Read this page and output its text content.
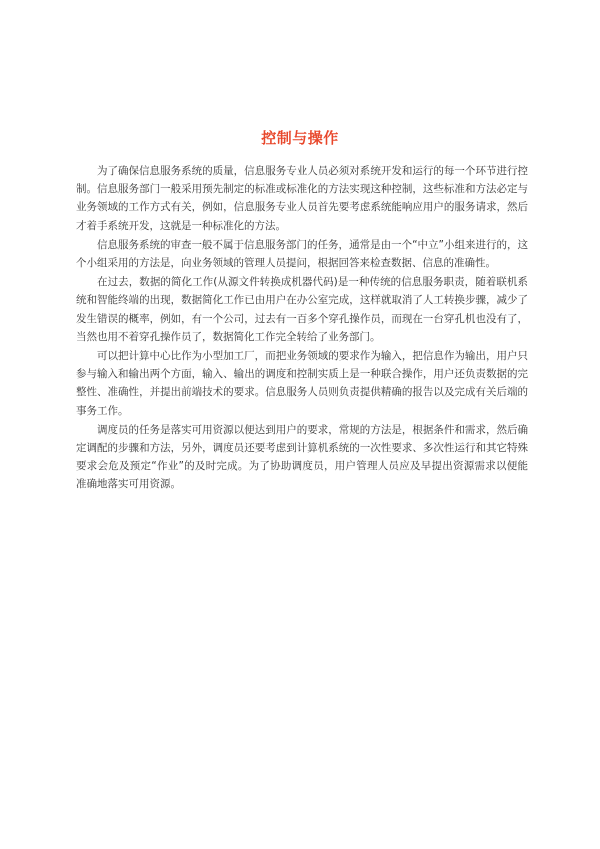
控制与操作

为了确保信息服务系统的质量，信息服务专业人员必须对系统开发和运行的每一个环节进行控 制。信息服务部门一般采用预先制定的标准或标准化的方法实现这种控制，这些标准和方法必定与 业务领域的工作方式有关，例如，信息服务专业人员首先要考虑系统能响应用户的服务请求，然后 才着手系统开发，这就是一种标准化的方法。

信息服务系统的审查一般不属于信息服务部门的任务，通常是由一个“中立”小组来进行的，这个小组采用的方法是，向业务领域的管理人员提问，根据回答来检查数据、信息的准确性。

在过去，数据的简化工作(从源文件转换成机器代码)是一种传统的信息服务职责，随着联机系统和智能终端的出现，数据简化工作已由用户在办公室完成，这样就取消了人工转换步骤，减少了发生错误的概率，例如，有一个公司，过去有一百多个穿孔操作员，而现在一台穿孔机也没有了，当然也用不着穿孔操作员了，数据简化工作完全转给了业务部门。

可以把计算中心比作为小型加工厂，而把业务领域的要求作为输入，把信息作为输出，用户只 参与输入和输出两个方面，输入、输出的调度和控制实质上是一种联合操作，用户还负责数据的完 整性、准确性，并提出前端技术的要求。信息服务人员则负责提供精确的报告以及完成有关后端的 事务工作。

调度员的任务是落实可用资源以便达到用户的要求，常规的方法是，根据条件和需求，然后确 定调配的步骤和方法，另外，调度员还要考虑到计算机系统的一次性要求、多次性运行和其它特殊 要求会危及预定“作业”的及时完成。为了协助调度员，用户管理人员应及早提出资源需求以便能 准确地落实可用资源。
